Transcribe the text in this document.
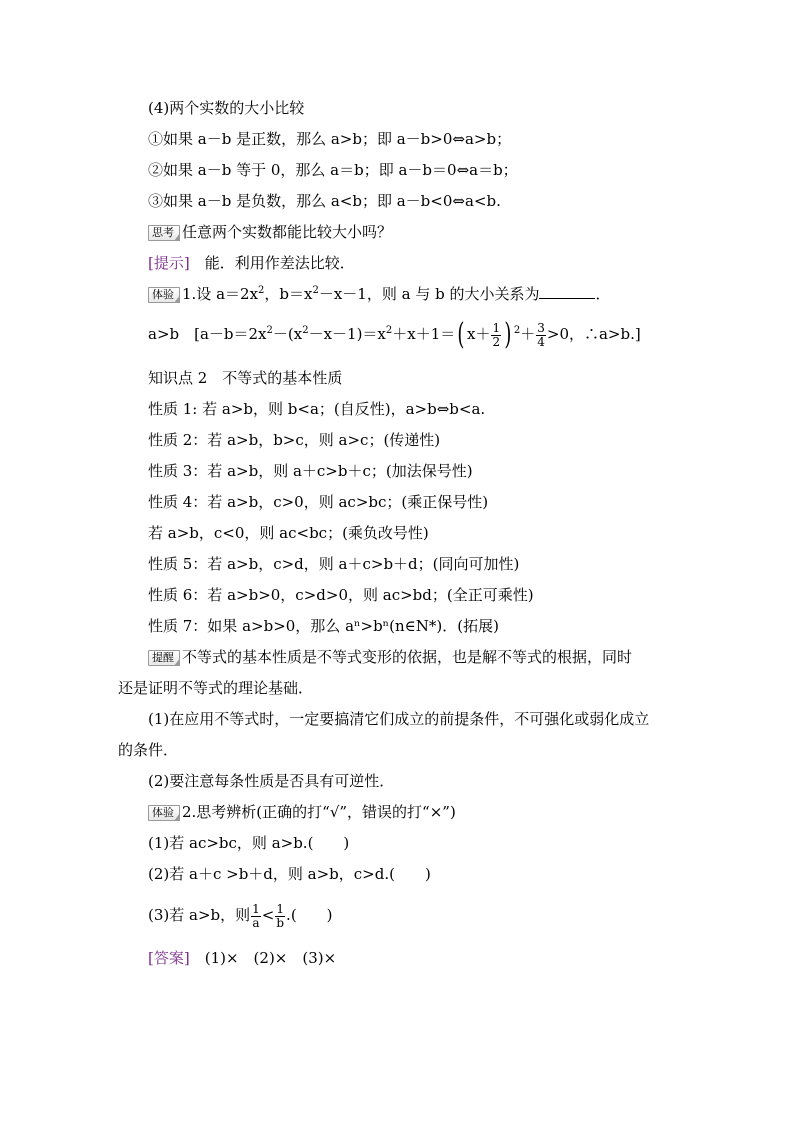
(4)两个实数的大小比较
①如果 a－b 是正数，那么 a>b；即 a－b>0⇔a>b；
②如果 a－b 等于 0，那么 a＝b；即 a－b＝0⇔a＝b；
③如果 a－b 是负数，那么 a<b；即 a－b<0⇔a<b.
思考 任意两个实数都能比较大小吗？
[提示]　 能．利用作差法比较．
体验 1.设 $a=2x^2$，$b=x^2-x-1$，则 a 与 b 的大小关系为	．
a>b　[$a-b=2x^2-(x^2-x-1)=x^2+x+1=$( $x+ \frac{1}{2}$ ) $^2+ \frac{3}{4} >0$，∴a>b.]
知识点 2　不等式的基本性质
性质 1: 若 a>b，则 b<a；(自反性)，a>b⇔b<a.
性质 2：若 a>b，b>c，则 a>c；(传递性)
性质 3：若 a>b，则 a＋c>b＋c；(加法保号性)
性质 4：若 a>b，c>0，则 ac>bc；(乘正保号性)
若 a>b，c<0，则 ac<bc；(乘负改号性)
性质 5：若 a>b，c>d，则 a＋c>b＋d；(同向可加性)
性质 6：若 a>b>0，c>d>0，则 ac>bd；(全正可乘性)
性质 7：如果 a>b>0，那么 aⁿ>bⁿ(n∈N*)．(拓展)
提醒 不等式的基本性质是不等式变形的依据，也是解不等式的根据，同时
还是证明不等式的理论基础．
(1)在应用不等式时，一定要搞清它们成立的前提条件，不可强化或弱化成立
的条件．
(2)要注意每条性质是否具有可逆性．
体验 2.思考辨析(正确的打“√”，错误的打“×”)
(1)若 ac>bc，则 a>b.(　　)
(2)若 a＋c >b＋d，则 a>b，c>d.(　　)
(3)若 a>b，则 $\frac{1}{a} < \frac{1}{b}$ .(　　)
[答案]　 (1)×　(2)×　(3)×
